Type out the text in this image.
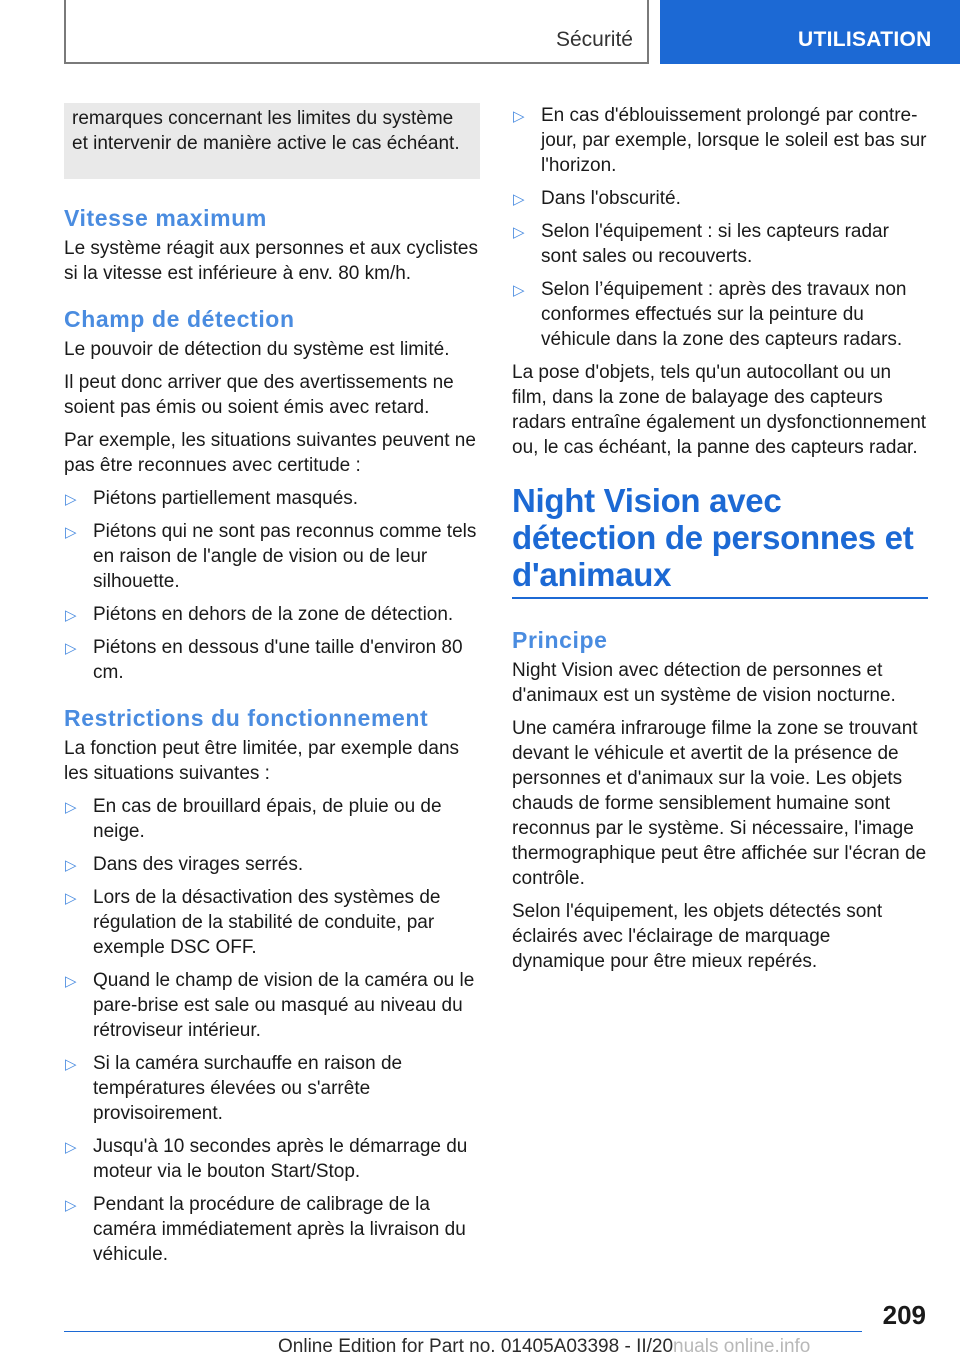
Sécurité	UTILISATION

remarques concernant les limites du système et intervenir de manière active le cas échéant.

Vitesse maximum

Le système réagit aux personnes et aux cyclistes si la vitesse est inférieure à env. 80 km/h.

Champ de détection

Le pouvoir de détection du système est limité.

Il peut donc arriver que des avertissements ne soient pas émis ou soient émis avec retard.

Par exemple, les situations suivantes peuvent ne pas être reconnues avec certitude :

▷ Piétons partiellement masqués.
▷ Piétons qui ne sont pas reconnus comme tels en raison de l'angle de vision ou de leur silhouette.
▷ Piétons en dehors de la zone de détection.
▷ Piétons en dessous d'une taille d'environ 80 cm.
Restrictions du fonctionnement

La fonction peut être limitée, par exemple dans les situations suivantes :

▷ En cas de brouillard épais, de pluie ou de neige.
▷ Dans des virages serrés.
▷ Lors de la désactivation des systèmes de régulation de la stabilité de conduite, par exemple DSC OFF.
▷ Quand le champ de vision de la caméra ou le pare-brise est sale ou masqué au niveau du rétroviseur intérieur.
▷ Si la caméra surchauffe en raison de températures élevées ou s'arrête provisoirement.
▷ Jusqu'à 10 secondes après le démarrage du moteur via le bouton Start/Stop.
▷ Pendant la procédure de calibrage de la caméra immédiatement après la livraison du véhicule.
▷ En cas d'éblouissement prolongé par contre-jour, par exemple, lorsque le soleil est bas sur l'horizon.
▷ Dans l'obscurité.
▷ Selon l'équipement : si les capteurs radar sont sales ou recouverts.
▷ Selon l’équipement : après des travaux non conformes effectués sur la peinture du véhicule dans la zone des capteurs radars.

La pose d'objets, tels qu'un autocollant ou un film, dans la zone de balayage des capteurs radars entraîne également un dysfonctionnement ou, le cas échéant, la panne des capteurs radar.

Night Vision avec détection de personnes et d'animaux
Principe

Night Vision avec détection de personnes et d'animaux est un système de vision nocturne.

Une caméra infrarouge filme la zone se trouvant devant le véhicule et avertit de la présence de personnes et d'animaux sur la voie. Les objets chauds de forme sensiblement humaine sont reconnus par le système. Si nécessaire, l'image thermographique peut être affichée sur l'écran de contrôle.

Selon l'équipement, les objets détectés sont éclairés avec l'éclairage de marquage dynamique pour être mieux repérés.

209
Online Edition for Part no. 01405A03398 - II/20nuals online.info
